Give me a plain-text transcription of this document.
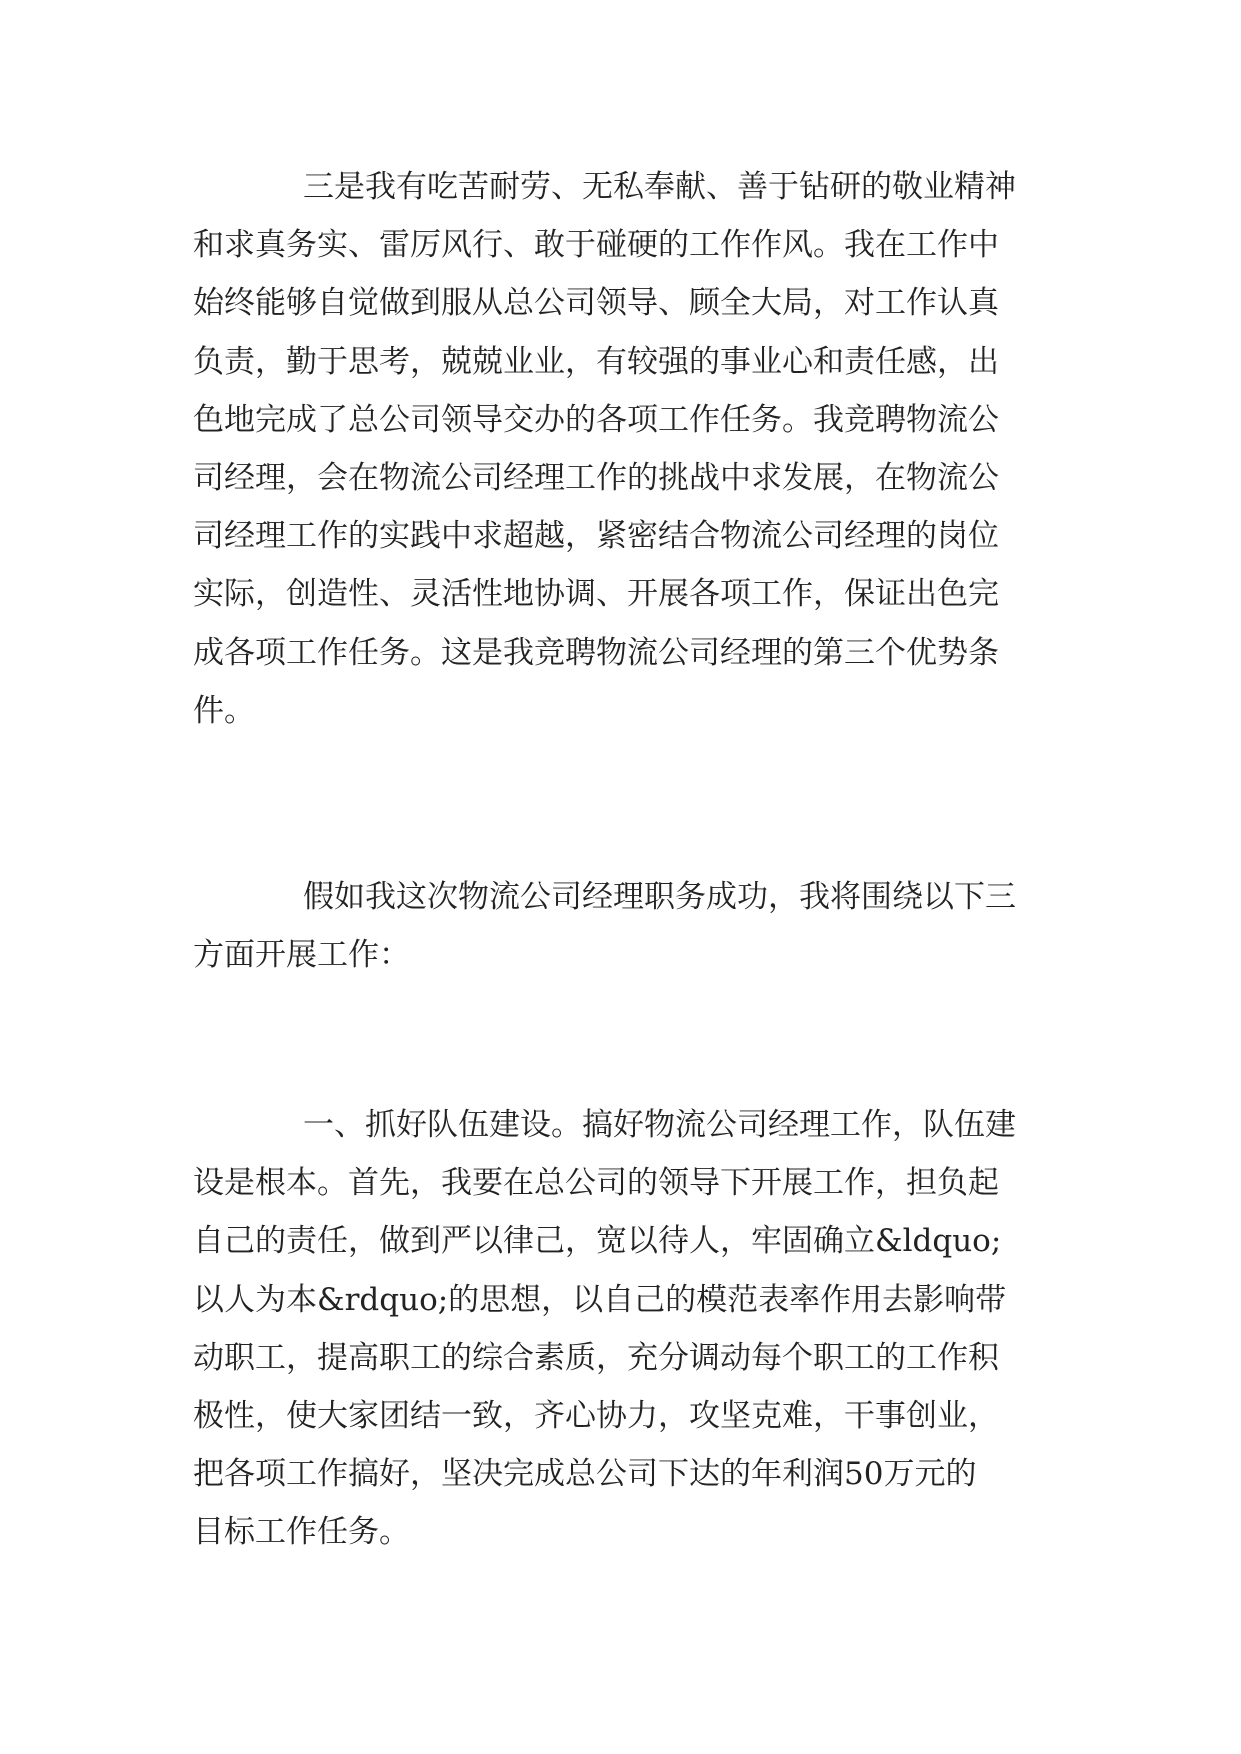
三是我有吃苦耐劳、无私奉献、善于钻研的敬业精神
和求真务实、雷厉风行、敢于碰硬的工作作风。我在工作中
始终能够自觉做到服从总公司领导、顾全大局，对工作认真
负责，勤于思考，兢兢业业，有较强的事业心和责任感，出
色地完成了总公司领导交办的各项工作任务。我竞聘物流公
司经理，会在物流公司经理工作的挑战中求发展，在物流公
司经理工作的实践中求超越，紧密结合物流公司经理的岗位
实际，创造性、灵活性地协调、开展各项工作，保证出色完
成各项工作任务。这是我竞聘物流公司经理的第三个优势条
件。
假如我这次物流公司经理职务成功，我将围绕以下三
方面开展工作：
一、抓好队伍建设。搞好物流公司经理工作，队伍建
设是根本。首先，我要在总公司的领导下开展工作，担负起
自己的责任，做到严以律己，宽以待人，牢固确立&ldquo;
以人为本&rdquo;的思想，以自己的模范表率作用去影响带
动职工，提高职工的综合素质，充分调动每个职工的工作积
极性，使大家团结一致，齐心协力，攻坚克难，干事创业，
把各项工作搞好，坚决完成总公司下达的年利润50万元的
目标工作任务。
